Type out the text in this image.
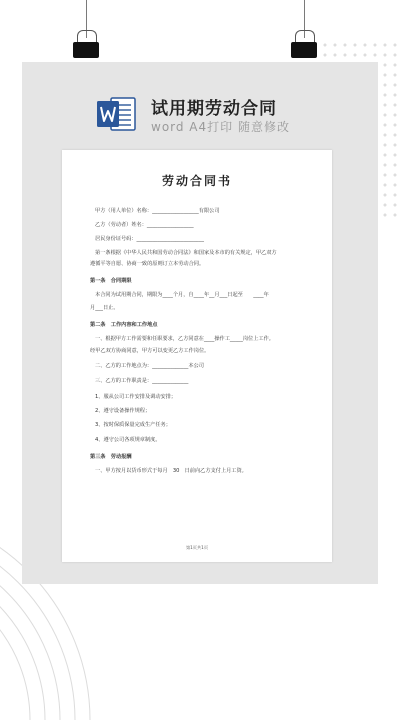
试用期劳动合同
word A4打印 随意修改
劳动合同书
甲方（用人单位）名称：__________________有限公司
乙方（劳动者）姓名：__________________
居民身份证号码：__________________________
第一条根据《中华人民共和国劳动合同法》和国家及本市的有关规定，甲乙双方
遵循平等自愿、协商一致的原则订立本劳动合同。
第一条　合同期限
本合同为试用期合同，期限为____个月，自____年__月___日起至　　____年
月___日止。
第二条　工作内容和工作地点
一、根据甲方工作需要和任职要求，乙方同意在____操作工_____岗位上工作。
经甲乙双方协商同意，甲方可以变更乙方工作岗位。
二、乙方的工作地点为：______________本公司
三、乙方的工作职责是：______________
1、服从公司工作安排及调动安排；
2、遵守设备操作规程；
3、按时保质保量完成生产任务；
4、遵守公司各项规章制度。
第三条　劳动报酬
一、甲方按月以货币形式于每月　30　日前向乙方支付上月工资。
第1页共1页
